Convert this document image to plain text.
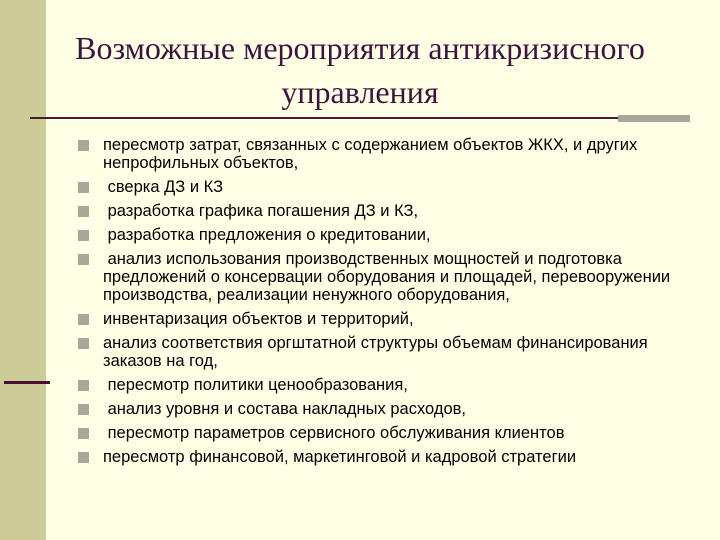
Возможные мероприятия антикризисного управления
пересмотр затрат, связанных с содержанием объектов ЖКХ, и других непрофильных объектов,
сверка ДЗ и КЗ
разработка графика погашения ДЗ и КЗ,
разработка предложения о кредитовании,
анализ использования производственных мощностей и подготовка предложений о консервации оборудования и площадей, перевооружении производства, реализации ненужного оборудования,
инвентаризация объектов и территорий,
анализ соответствия оргштатной структуры объемам финансирования заказов на год,
пересмотр политики ценообразования,
анализ уровня и состава накладных расходов,
пересмотр параметров сервисного обслуживания клиентов
пересмотр финансовой, маркетинговой и кадровой стратегии
